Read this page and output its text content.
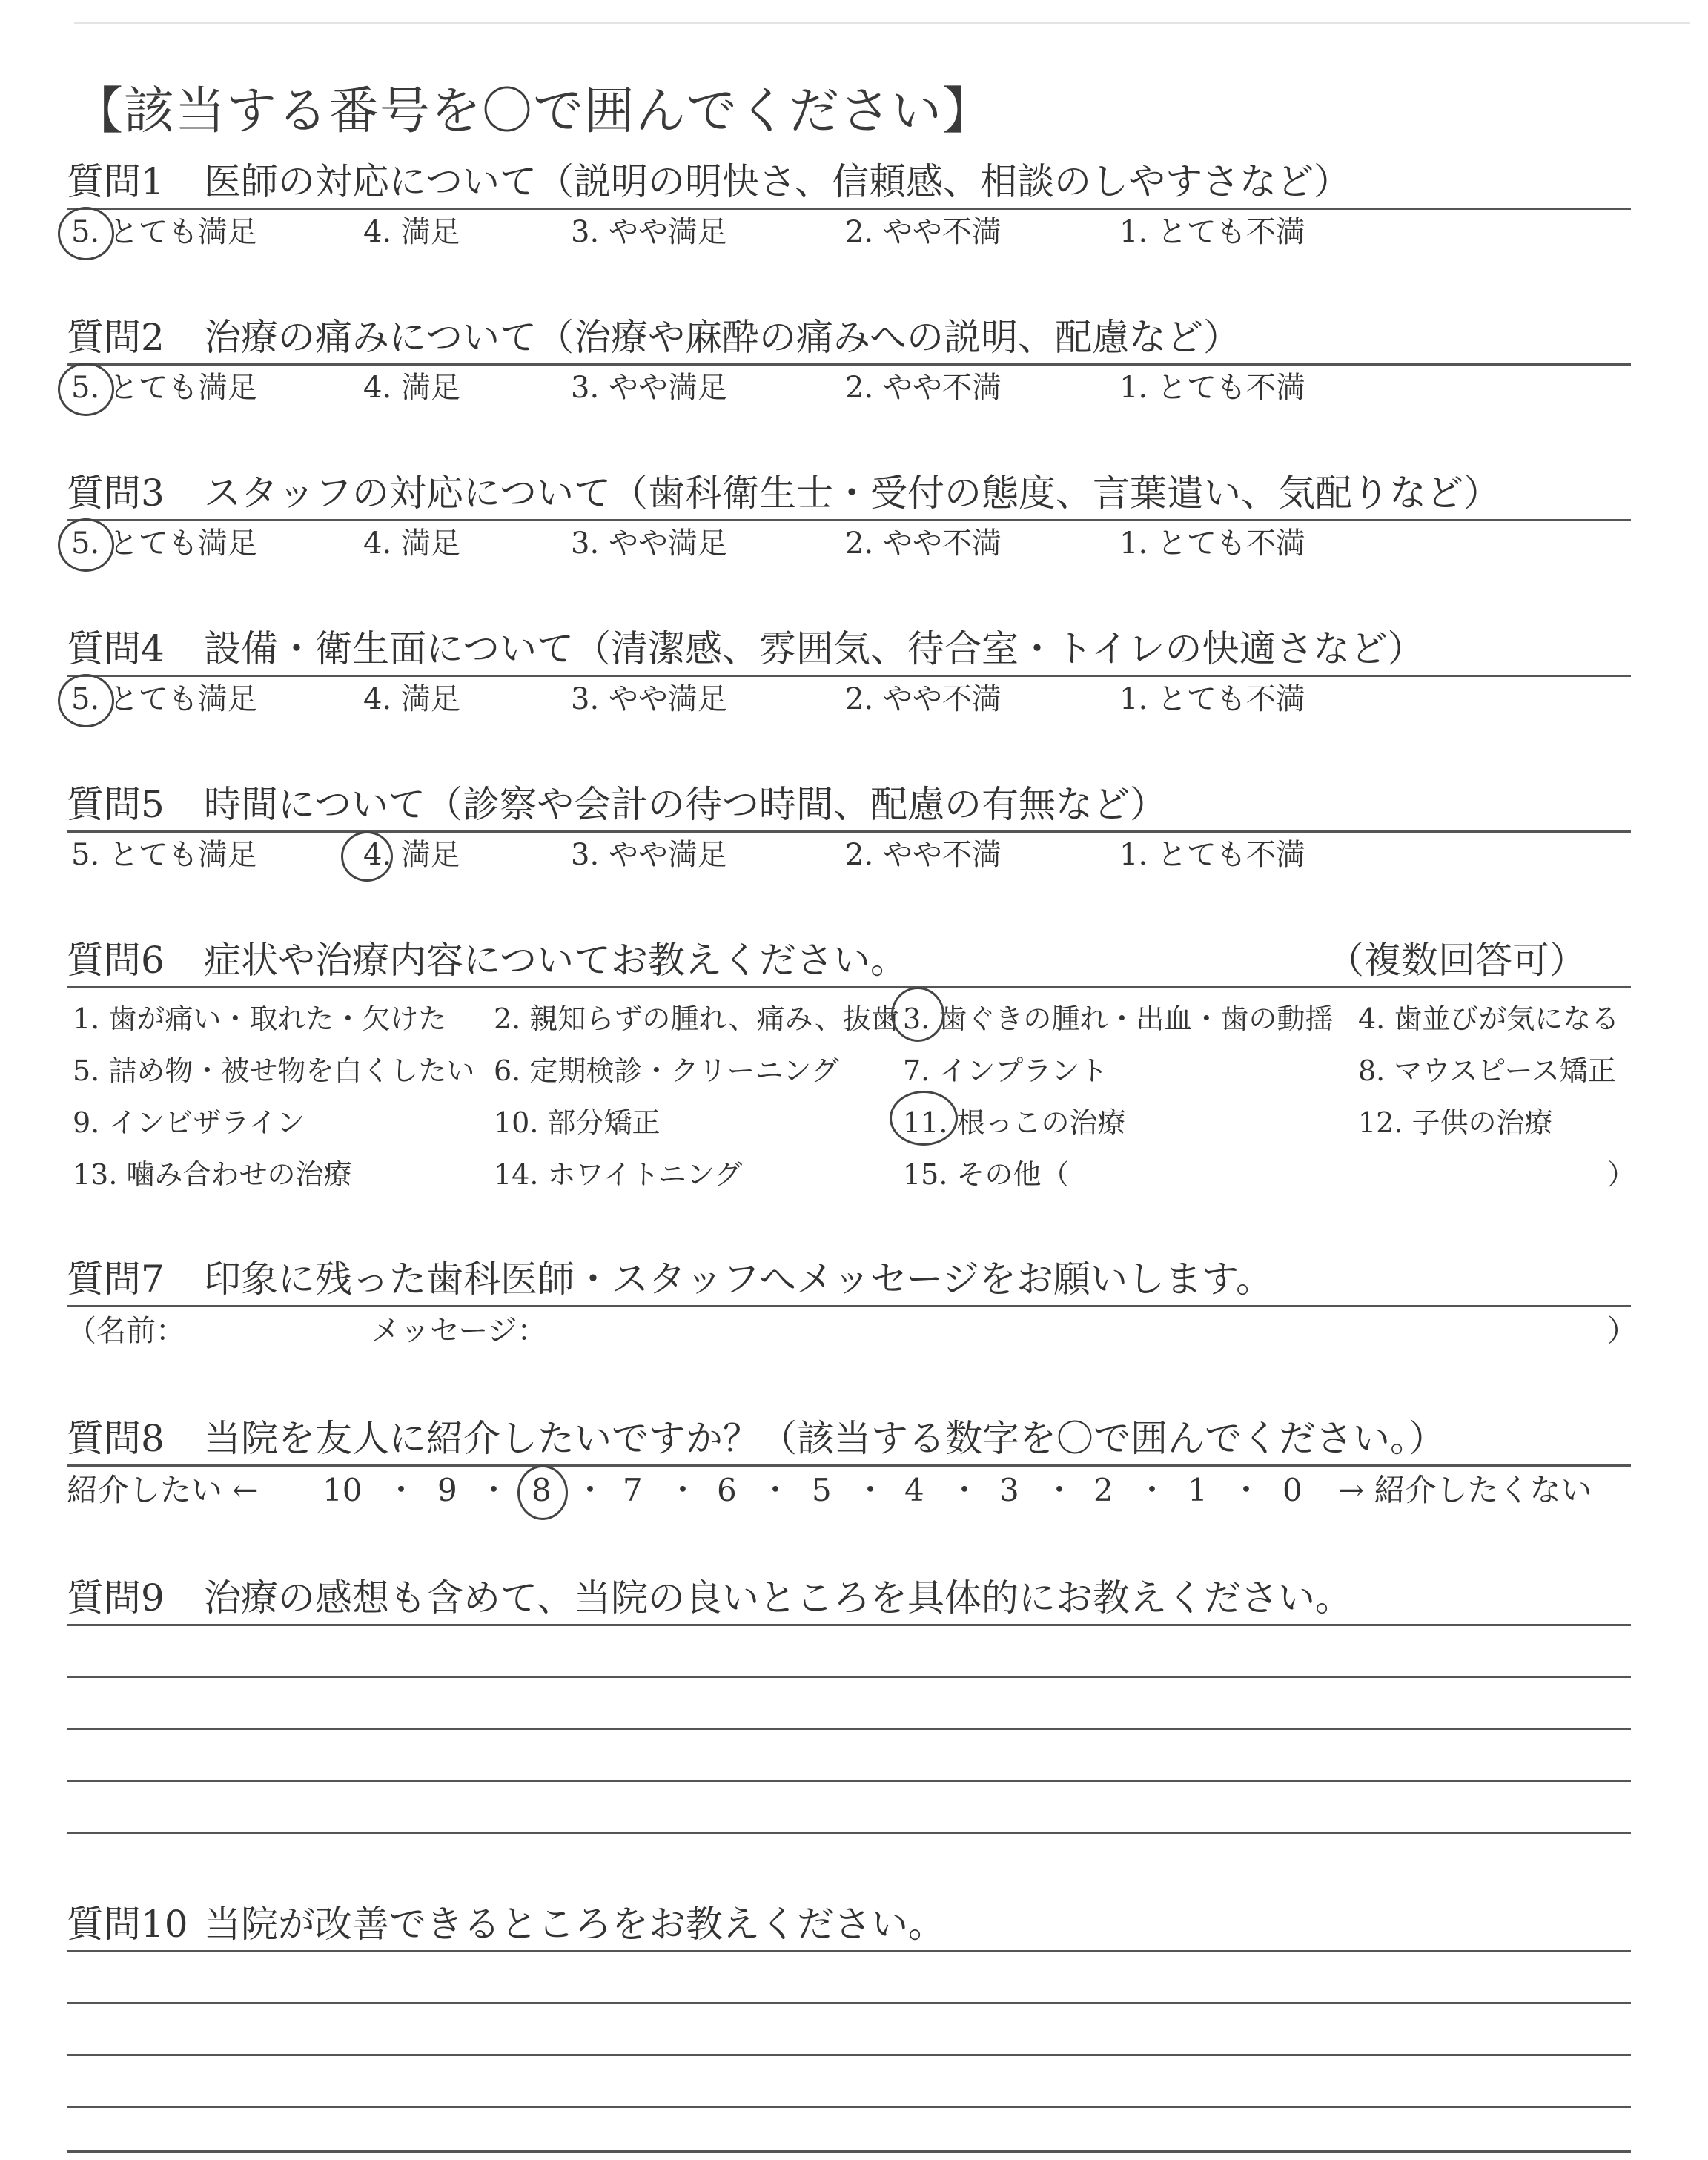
【該当する番号を〇で囲んでください】
質問1 医師の対応について（説明の明快さ、信頼感、相談のしやすさなど）
5. とても満足	4. 満足	3. やや満足	2. やや不満	1. とても不満
質問2 治療の痛みについて（治療や麻酔の痛みへの説明、配慮など）
5. とても満足	4. 満足	3. やや満足	2. やや不満	1. とても不満
質問3 スタッフの対応について（歯科衛生士・受付の態度、言葉遣い、気配りなど）
5. とても満足	4. 満足	3. やや満足	2. やや不満	1. とても不満
質問4 設備・衛生面について（清潔感、雰囲気、待合室・トイレの快適さなど）
5. とても満足	4. 満足	3. やや満足	2. やや不満	1. とても不満
質問5 時間について（診察や会計の待つ時間、配慮の有無など）
5. とても満足	4. 満足	3. やや満足	2. やや不満	1. とても不満
質問6 症状や治療内容についてお教えください。	（複数回答可）
1. 歯が痛い・取れた・欠けた 2. 親知らずの腫れ、痛み、抜歯 3. 歯ぐきの腫れ・出血・歯の動揺 4. 歯並びが気になる
5. 詰め物・被せ物を白くしたい 6. 定期検診・クリーニング 7. インプラント	8. マウスピース矯正
9. インビザライン	10. 部分矯正	11. 根っこの治療	12. 子供の治療
13. 噛み合わせの治療	14. ホワイトニング	15. その他（	）
質問7 印象に残った歯科医師・スタッフへメッセージをお願いします。
（名前：	メッセージ：	）
質問8 当院を友人に紹介したいですか？（該当する数字を〇で囲んでください。）
紹介したい ← 10 ・ 9 ・ 8 ・ 7 ・ 6 ・ 5 ・ 4 ・ 3 ・ 2 ・ 1 ・ 0 → 紹介したくない
質問9 治療の感想も含めて、当院の良いところを具体的にお教えください。
質問10 当院が改善できるところをお教えください。
